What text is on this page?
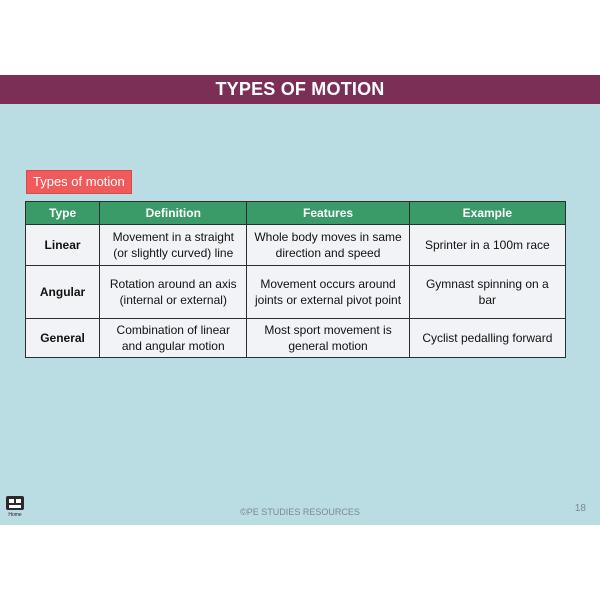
TYPES OF MOTION
Types of motion
Type	Definition	Features	Example
Linear	Movement in a straight (or slightly curved) line	Whole body moves in same direction and speed	Sprinter in a 100m race
Angular	Rotation around an axis (internal or external)	Movement occurs around joints or external pivot point	Gymnast spinning on a bar
General	Combination of linear and angular motion	Most sport movement is general motion	Cyclist pedalling forward
Home	©PE STUDIES RESOURCES	18
